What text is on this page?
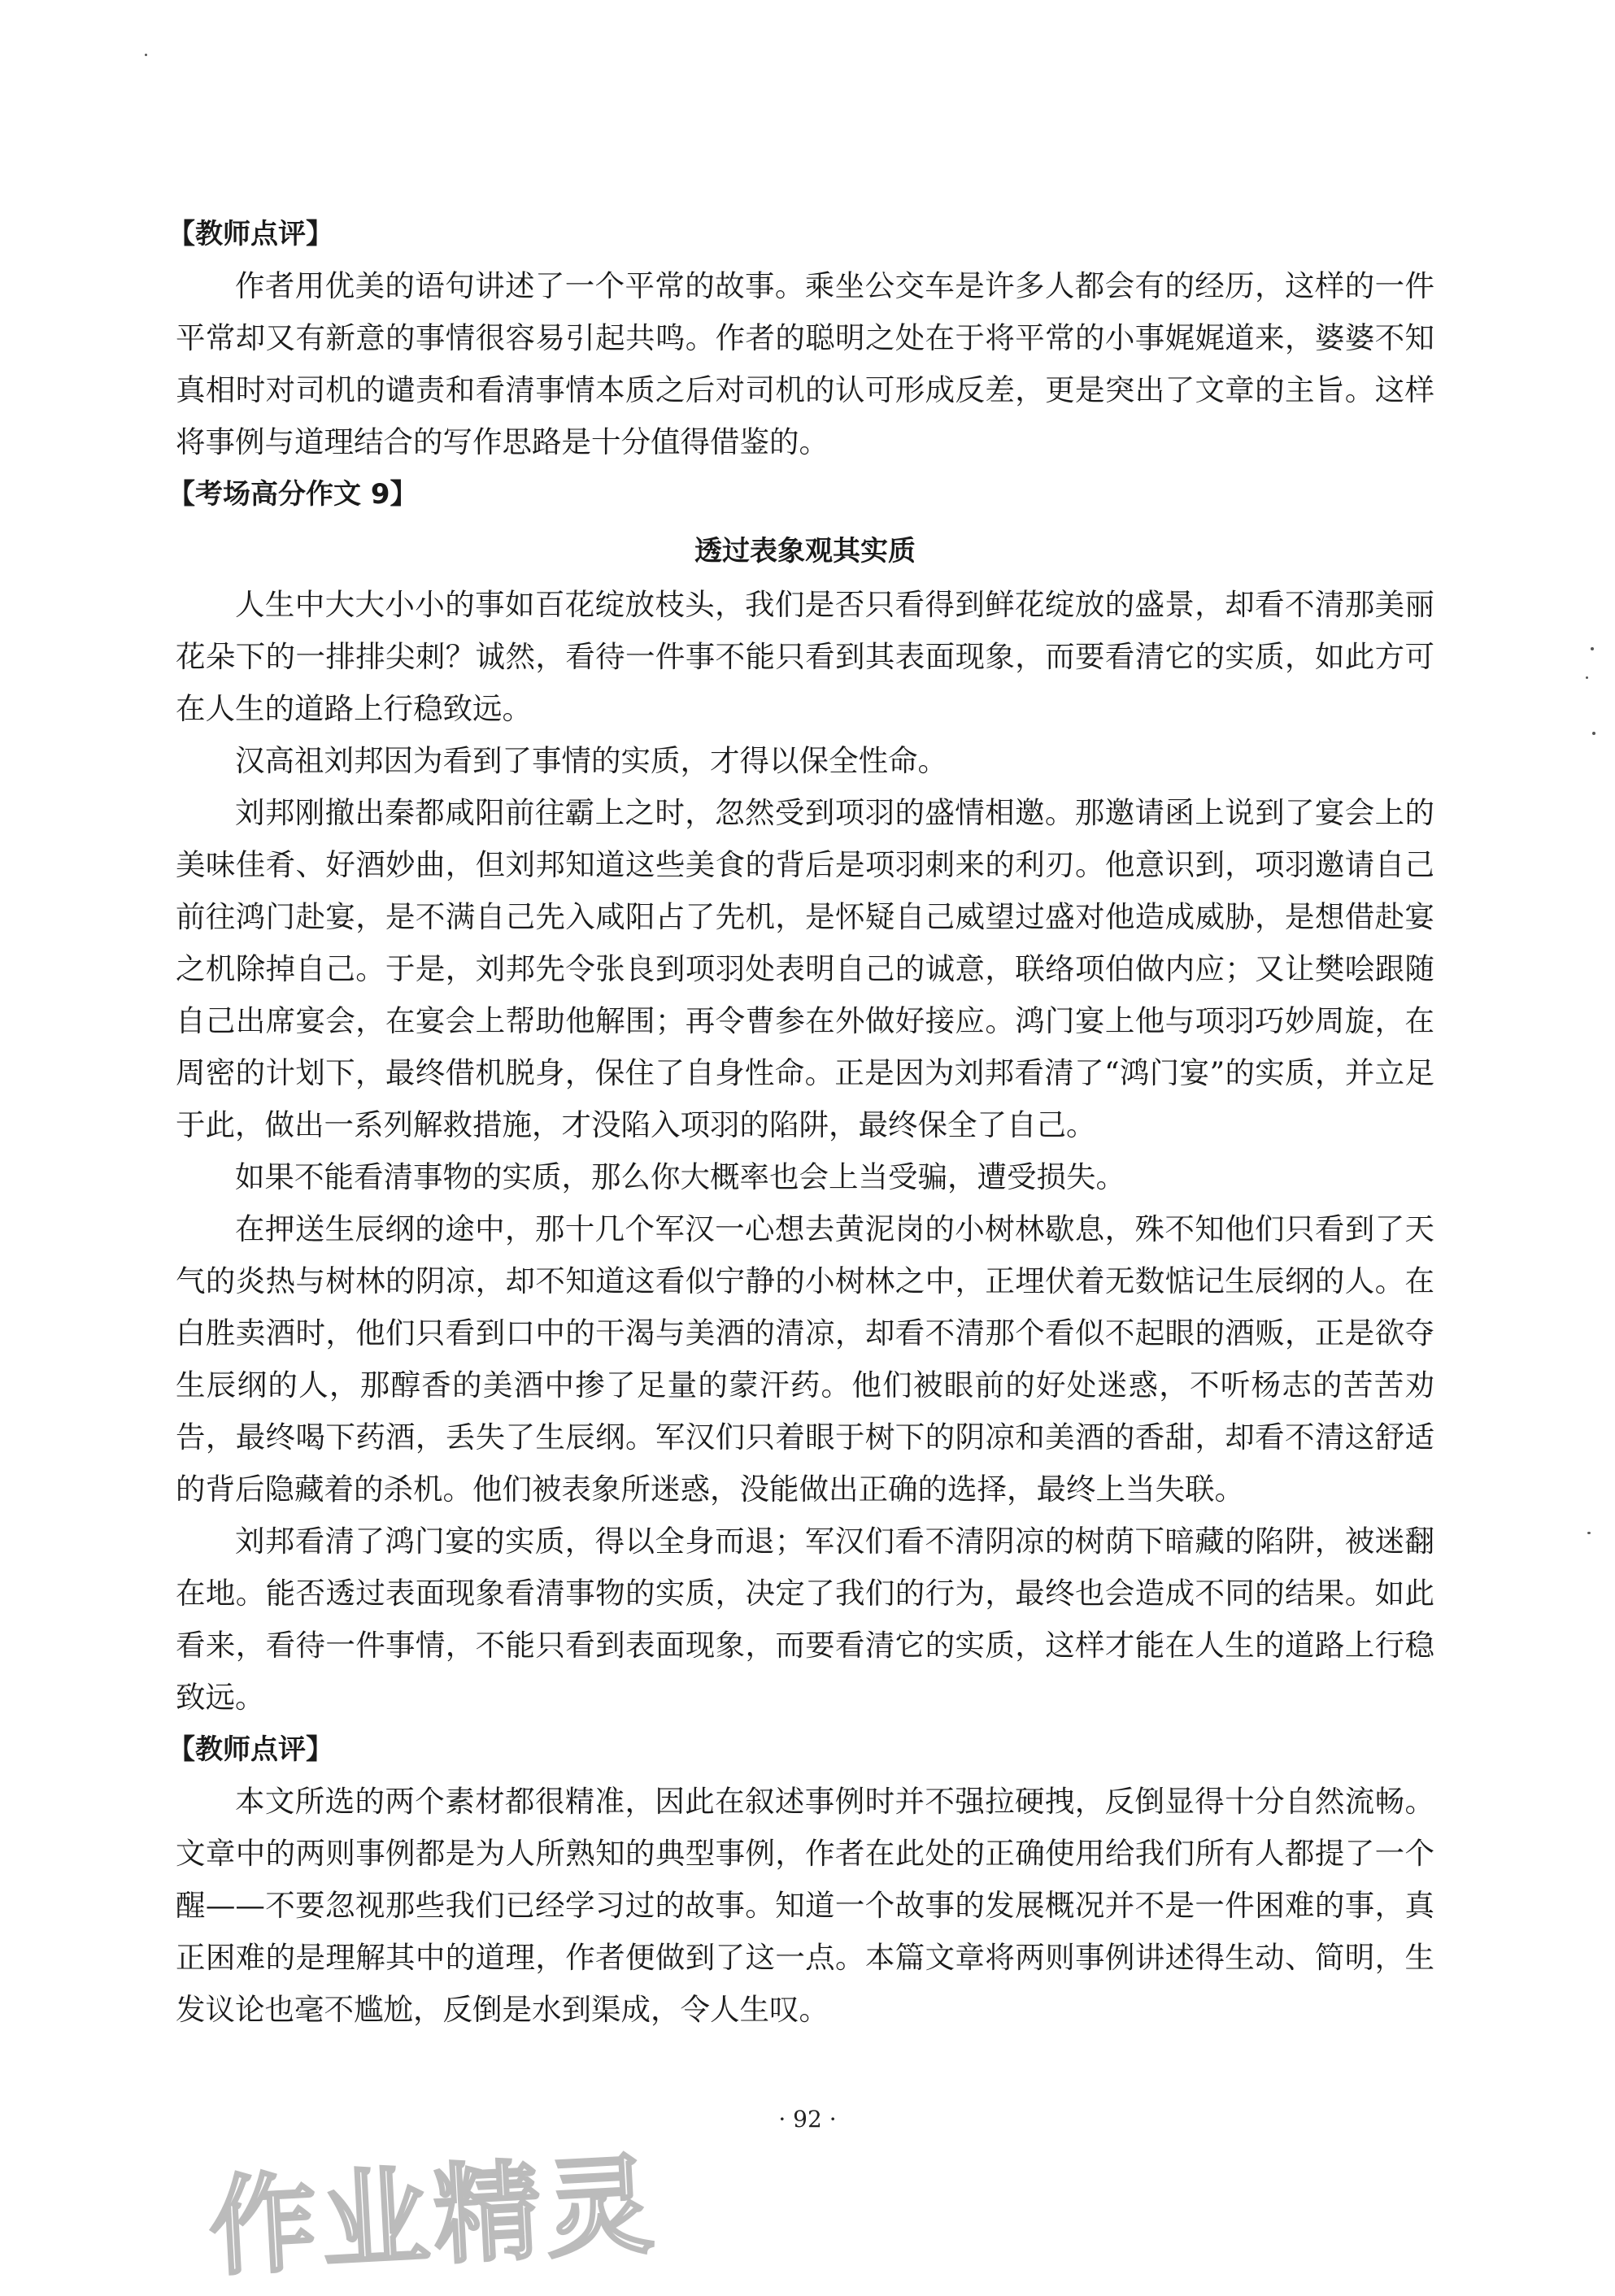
【教师点评】

作者用优美的语句讲述了一个平常的故事。乘坐公交车是许多人都会有的经历，这样的一件平常却又有新意的事情很容易引起共鸣。作者的聪明之处在于将平常的小事娓娓道来，婆婆不知真相时对司机的谴责和看清事情本质之后对司机的认可形成反差，更是突出了文章的主旨。这样将事例与道理结合的写作思路是十分值得借鉴的。

【考场高分作文 9】
透过表象观其实质

人生中大大小小的事如百花绽放枝头，我们是否只看得到鲜花绽放的盛景，却看不清那美丽花朵下的一排排尖刺？诚然，看待一件事不能只看到其表面现象，而要看清它的实质，如此方可在人生的道路上行稳致远。

汉高祖刘邦因为看到了事情的实质，才得以保全性命。

刘邦刚撤出秦都咸阳前往霸上之时，忽然受到项羽的盛情相邀。那邀请函上说到了宴会上的美味佳肴、好酒妙曲，但刘邦知道这些美食的背后是项羽刺来的利刃。他意识到，项羽邀请自己前往鸿门赴宴，是不满自己先入咸阳占了先机，是怀疑自己威望过盛对他造成威胁，是想借赴宴之机除掉自己。于是，刘邦先令张良到项羽处表明自己的诚意，联络项伯做内应；又让樊哙跟随自己出席宴会，在宴会上帮助他解围；再令曹参在外做好接应。鸿门宴上他与项羽巧妙周旋，在周密的计划下，最终借机脱身，保住了自身性命。正是因为刘邦看清了“鸿门宴”的实质，并立足于此，做出一系列解救措施，才没陷入项羽的陷阱，最终保全了自己。

如果不能看清事物的实质，那么你大概率也会上当受骗，遭受损失。

在押送生辰纲的途中，那十几个军汉一心想去黄泥岗的小树林歇息，殊不知他们只看到了天气的炎热与树林的阴凉，却不知道这看似宁静的小树林之中，正埋伏着无数惦记生辰纲的人。在白胜卖酒时，他们只看到口中的干渴与美酒的清凉，却看不清那个看似不起眼的酒贩，正是欲夺生辰纲的人，那醇香的美酒中掺了足量的蒙汗药。他们被眼前的好处迷惑，不听杨志的苦苦劝告，最终喝下药酒，丢失了生辰纲。军汉们只着眼于树下的阴凉和美酒的香甜，却看不清这舒适的背后隐藏着的杀机。他们被表象所迷惑，没能做出正确的选择，最终上当失联。

刘邦看清了鸿门宴的实质，得以全身而退；军汉们看不清阴凉的树荫下暗藏的陷阱，被迷翻在地。能否透过表面现象看清事物的实质，决定了我们的行为，最终也会造成不同的结果。如此看来，看待一件事情，不能只看到表面现象，而要看清它的实质，这样才能在人生的道路上行稳致远。

【教师点评】

本文所选的两个素材都很精准，因此在叙述事例时并不强拉硬拽，反倒显得十分自然流畅。文章中的两则事例都是为人所熟知的典型事例，作者在此处的正确使用给我们所有人都提了一个醒——不要忽视那些我们已经学习过的故事。知道一个故事的发展概况并不是一件困难的事，真正困难的是理解其中的道理，作者便做到了这一点。本篇文章将两则事例讲述得生动、简明，生发议论也毫不尴尬，反倒是水到渠成，令人生叹。

· 92 ·
作业精灵
